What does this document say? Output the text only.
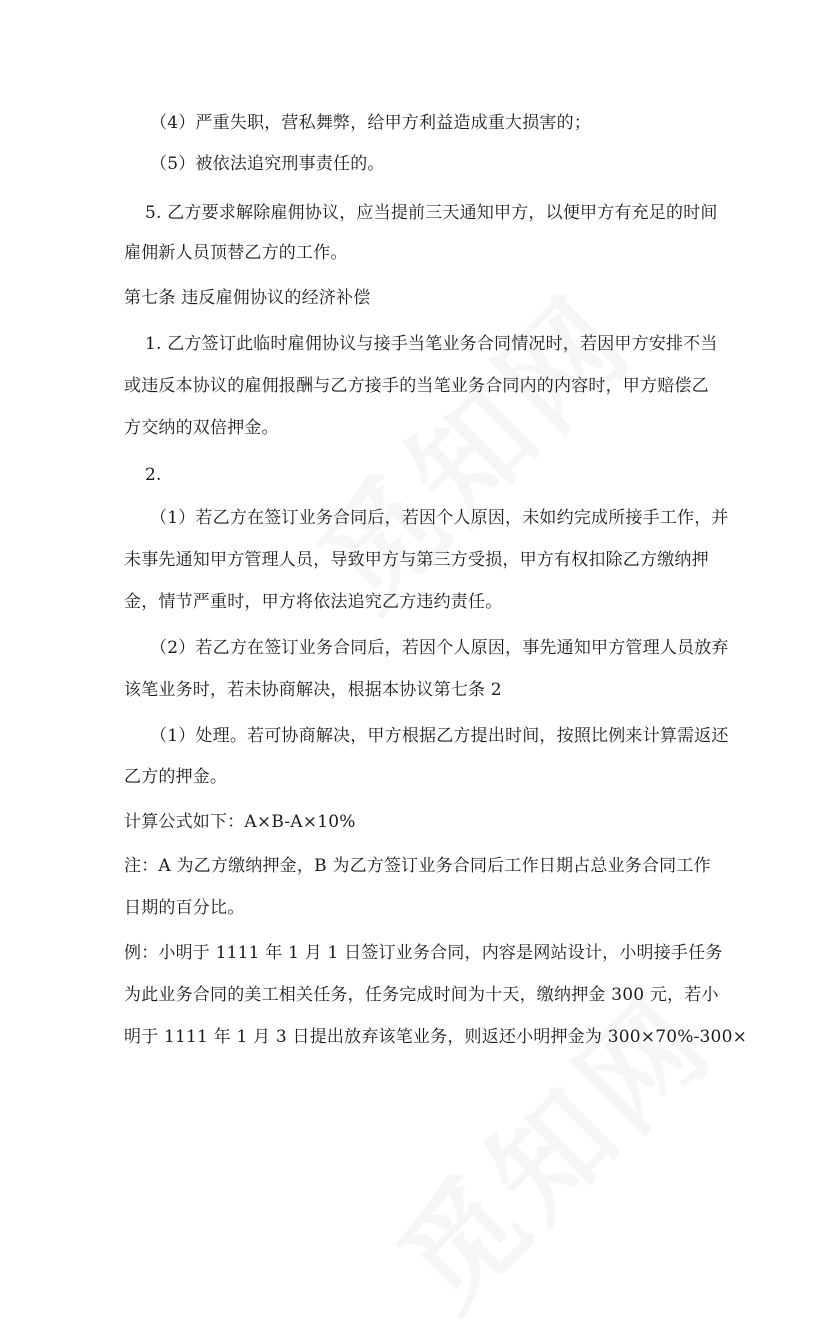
（4）严重失职，营私舞弊，给甲方利益造成重大损害的；
（5）被依法追究刑事责任的。
5. 乙方要求解除雇佣协议，应当提前三天通知甲方，以便甲方有充足的时间
雇佣新人员顶替乙方的工作。
第七条 违反雇佣协议的经济补偿
1. 乙方签订此临时雇佣协议与接手当笔业务合同情况时，若因甲方安排不当
或违反本协议的雇佣报酬与乙方接手的当笔业务合同内的内容时，甲方赔偿乙
方交纳的双倍押金。
2.
（1）若乙方在签订业务合同后，若因个人原因，未如约完成所接手工作，并
未事先通知甲方管理人员，导致甲方与第三方受损，甲方有权扣除乙方缴纳押
金，情节严重时，甲方将依法追究乙方违约责任。
（2）若乙方在签订业务合同后，若因个人原因，事先通知甲方管理人员放弃
该笔业务时，若未协商解决，根据本协议第七条 2
（1）处理。若可协商解决，甲方根据乙方提出时间，按照比例来计算需返还
乙方的押金。
计算公式如下：A×B-A×10%
注：A 为乙方缴纳押金，B 为乙方签订业务合同后工作日期占总业务合同工作
日期的百分比。
例：小明于 1111 年 1 月 1 日签订业务合同，内容是网站设计，小明接手任务
为此业务合同的美工相关任务，任务完成时间为十天，缴纳押金 300 元，若小
明于 1111 年 1 月 3 日提出放弃该笔业务，则返还小明押金为 300×70%-300×
